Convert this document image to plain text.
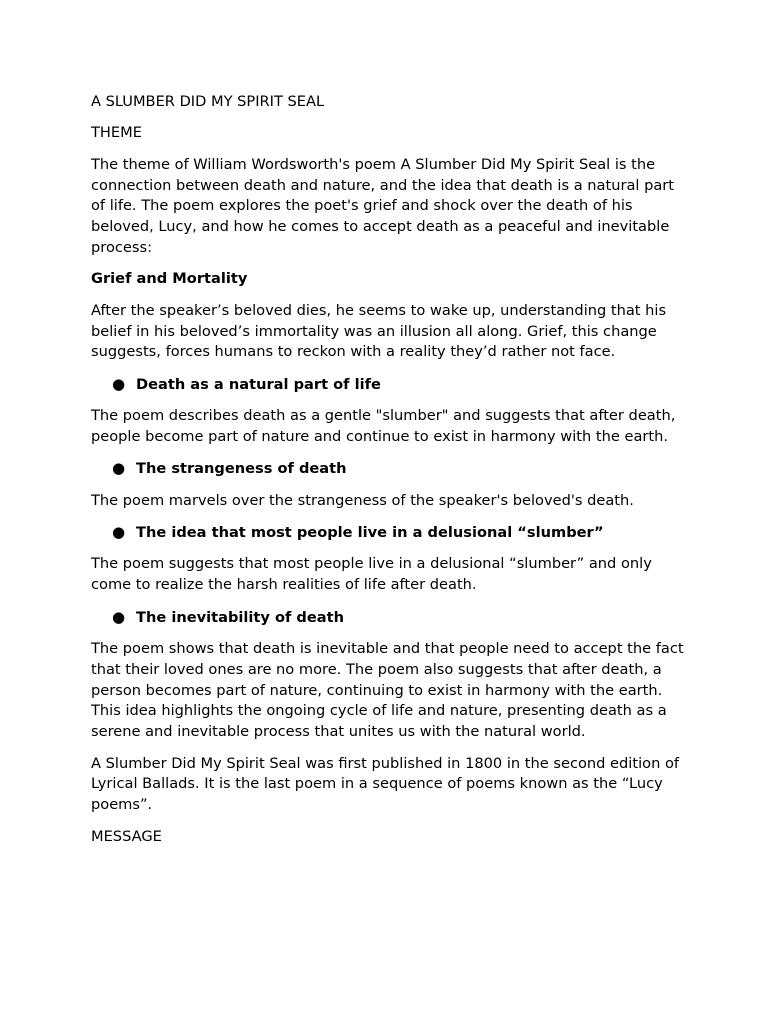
A SLUMBER DID MY SPIRIT SEAL
THEME
The theme of William Wordsworth's poem A Slumber Did My Spirit Seal is the connection between death and nature, and the idea that death is a natural part of life. The poem explores the poet's grief and shock over the death of his beloved, Lucy, and how he comes to accept death as a peaceful and inevitable process:
Grief and Mortality
After the speaker’s beloved dies, he seems to wake up, understanding that his belief in his beloved’s immortality was an illusion all along. Grief, this change suggests, forces humans to reckon with a reality they’d rather not face.
● Death as a natural part of life
The poem describes death as a gentle "slumber" and suggests that after death, people become part of nature and continue to exist in harmony with the earth.
● The strangeness of death
The poem marvels over the strangeness of the speaker's beloved's death.
● The idea that most people live in a delusional “slumber”
The poem suggests that most people live in a delusional “slumber” and only come to realize the harsh realities of life after death.
● The inevitability of death
The poem shows that death is inevitable and that people need to accept the fact that their loved ones are no more. The poem also suggests that after death, a person becomes part of nature, continuing to exist in harmony with the earth. This idea highlights the ongoing cycle of life and nature, presenting death as a serene and inevitable process that unites us with the natural world.
A Slumber Did My Spirit Seal was first published in 1800 in the second edition of Lyrical Ballads. It is the last poem in a sequence of poems known as the “Lucy poems”.
MESSAGE
